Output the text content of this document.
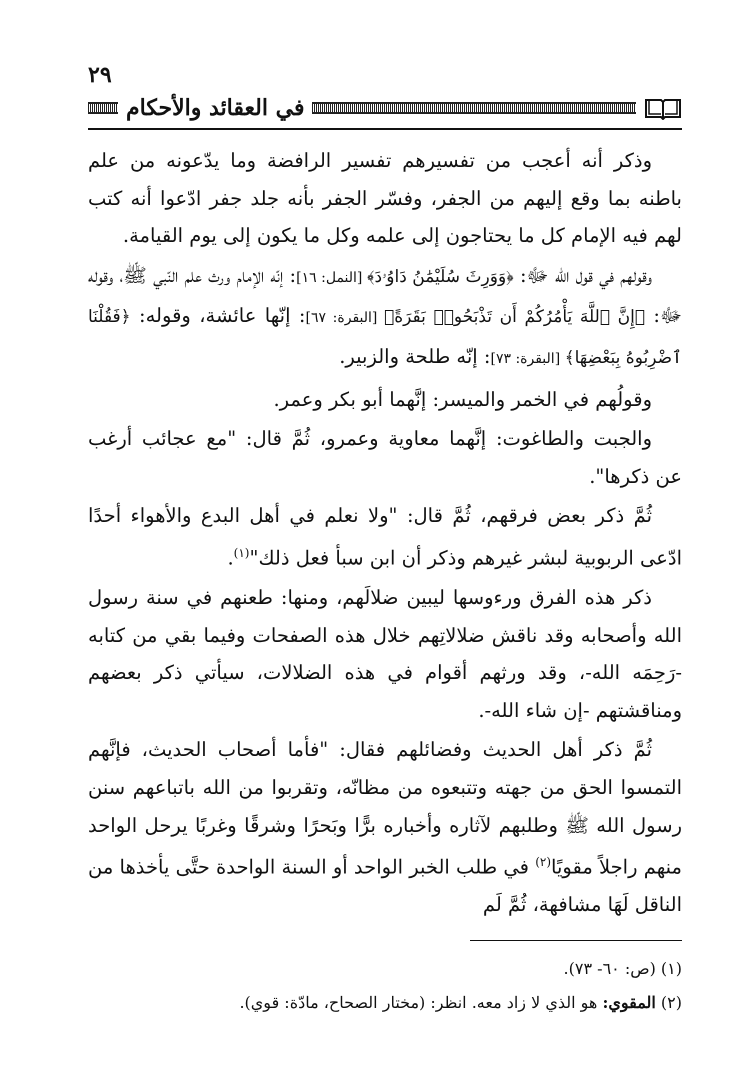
٢٩
في العقائد والأحكام

وذكر أنه أعجب من تفسيرهم تفسير الرافضة وما يدّعونه من علم باطنه بما وقع إليهم من الجفر، وفسّر الجفر بأنه جلد جفر ادّعوا أنه كتب لهم فيه الإمام كل ما يحتاجون إلى علمه وكل ما يكون إلى يوم القيامة.

وقولهم في قول الله ﷻ: ﴿وَوَرِثَ سُلَيْمَٰنُ دَاوُۥدَ﴾ [النمل: ١٦]: إنّه الإمام ورث علم النّبي ﷺ، وقوله ﷻ: ﴿إِنَّ ٱللَّهَ يَأْمُرُكُمْ أَن تَذْبَحُوا۟ بَقَرَةً﴾ [البقرة: ٦٧]: إنّها عائشة، وقوله: ﴿فَقُلْنَا ٱضْرِبُوهُ بِبَعْضِهَا﴾ [البقرة: ٧٣]: إنّه طلحة والزبير.

وقولُهم في الخمر والميسر: إنَّهما أبو بكر وعمر.

والجبت والطاغوت: إنَّهما معاوية وعمرو، ثُمَّ قال: "مع عجائب أرغب عن ذكرها".

ثُمَّ ذكر بعض فرقهم، ثُمَّ قال: "ولا نعلم في أهل البدع والأهواء أحدًا ادّعى الربوبية لبشر غيرهم وذكر أن ابن سبأ فعل ذلك"$^{(١)}$.

ذكر هذه الفرق ورءوسها ليبين ضلالَهم، ومنها: طعنهم في سنة رسول الله وأصحابه وقد ناقش ضلالاتِهم خلال هذه الصفحات وفيما بقي من كتابه -رَحِمَه الله-، وقد ورثهم أقوام في هذه الضلالات، سيأتي ذكر بعضهم ومناقشتهم -إن شاء الله-.

ثُمَّ ذكر أهل الحديث وفضائلهم فقال: "فأما أصحاب الحديث، فإنَّهم التمسوا الحق من جهته وتتبعوه من مظانّه، وتقربوا من الله باتباعهم سنن رسول الله ﷺ وطلبهم لآثاره وأخباره برًّا وبَحرًا وشرقًا وغربًا يرحل الواحد منهم راجلاً مقويًا$^{(٢)}$ في طلب الخبر الواحد أو السنة الواحدة حتَّى يأخذها من الناقل لَهَا مشافهة، ثُمَّ لَم

(١) (ص: ٦٠- ٧٣).
(٢) المقوي: هو الذي لا زاد معه. انظر: (مختار الصحاح، مادّة: قوي).
